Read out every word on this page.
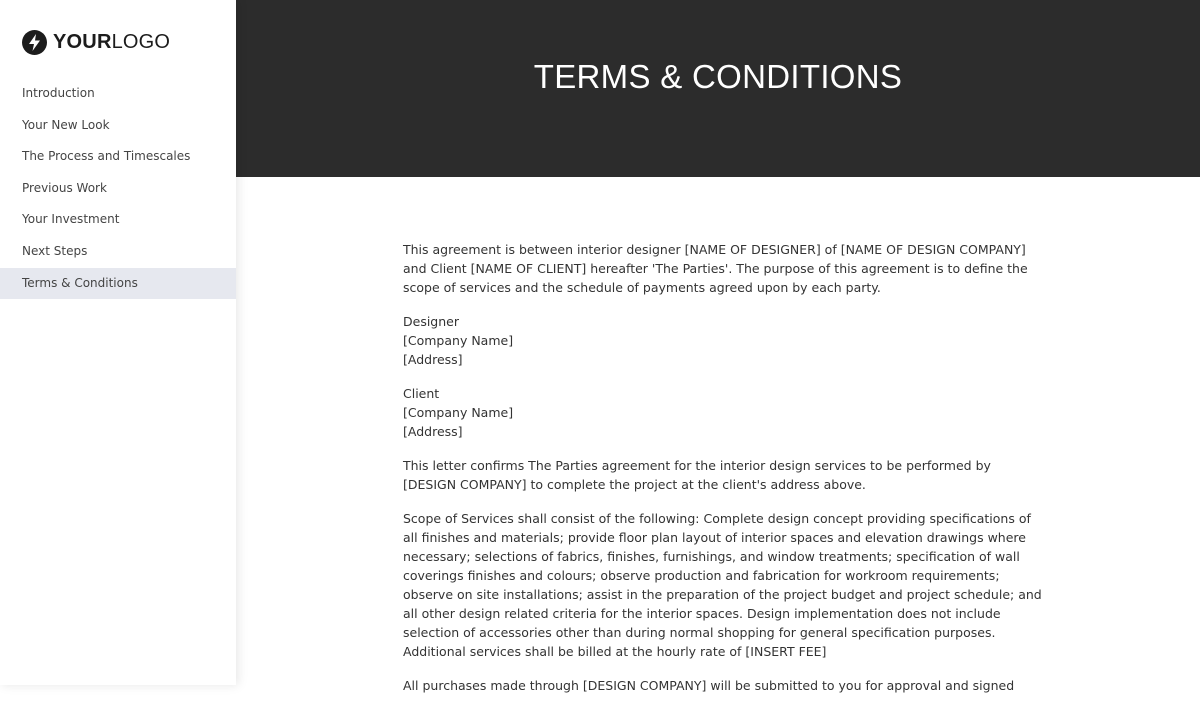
YOURLOGO
Introduction
Your New Look
The Process and Timescales
Previous Work
Your Investment
Next Steps
Terms & Conditions
TERMS & CONDITIONS

This agreement is between interior designer [NAME OF DESIGNER] of [NAME OF DESIGN COMPANY] and Client [NAME OF CLIENT] hereafter 'The Parties'. The purpose of this agreement is to define the scope of services and the schedule of payments agreed upon by each party.

Designer
[Company Name]
[Address]

Client
[Company Name]
[Address]

This letter confirms The Parties agreement for the interior design services to be performed by [DESIGN COMPANY] to complete the project at the client's address above.

Scope of Services shall consist of the following: Complete design concept providing specifications of all finishes and materials; provide floor plan layout of interior spaces and elevation drawings where necessary; selections of fabrics, finishes, furnishings, and window treatments; specification of wall coverings finishes and colours; observe production and fabrication for workroom requirements; observe on site installations; assist in the preparation of the project budget and project schedule; and all other design related criteria for the interior spaces. Design implementation does not include selection of accessories other than during normal shopping for general specification purposes. Additional services shall be billed at the hourly rate of [INSERT FEE]

All purchases made through [DESIGN COMPANY] will be submitted to you for approval and signed
